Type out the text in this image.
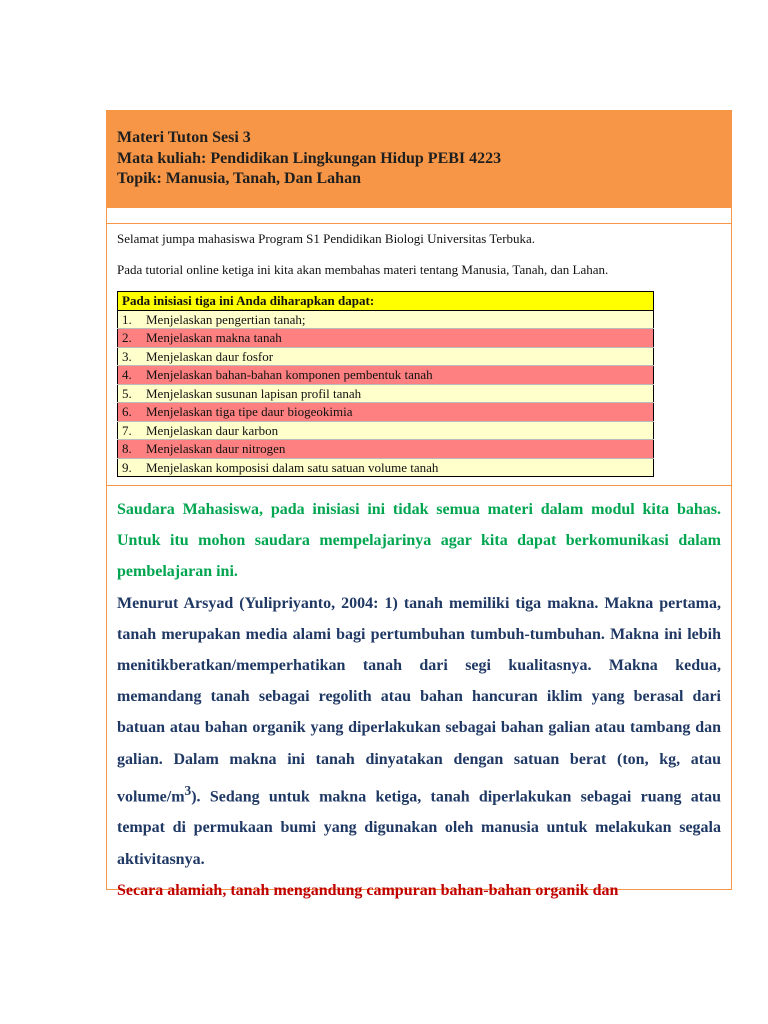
Materi Tuton Sesi 3
Mata kuliah: Pendidikan Lingkungan Hidup PEBI 4223
Topik: Manusia, Tanah, Dan Lahan

Selamat jumpa mahasiswa Program S1 Pendidikan Biologi Universitas Terbuka.

Pada tutorial online ketiga ini kita akan membahas materi tentang Manusia, Tanah, dan Lahan.

Pada inisiasi tiga ini Anda diharapkan dapat:
1. Menjelaskan pengertian tanah;
2. Menjelaskan makna tanah
3. Menjelaskan daur fosfor
4. Menjelaskan bahan-bahan komponen pembentuk tanah
5. Menjelaskan susunan lapisan profil tanah
6. Menjelaskan tiga tipe daur biogeokimia
7. Menjelaskan daur karbon
8. Menjelaskan daur nitrogen
9. Menjelaskan komposisi dalam satu satuan volume tanah

Saudara Mahasiswa, pada inisiasi ini tidak semua materi dalam modul kita bahas. Untuk itu mohon saudara mempelajarinya agar kita dapat berkomunikasi dalam pembelajaran ini.

Menurut Arsyad (Yulipriyanto, 2004: 1) tanah memiliki tiga makna. Makna pertama, tanah merupakan media alami bagi pertumbuhan tumbuh-tumbuhan. Makna ini lebih menitikberatkan/memperhatikan tanah dari segi kualitasnya. Makna kedua, memandang tanah sebagai regolith atau bahan hancuran iklim yang berasal dari batuan atau bahan organik yang diperlakukan sebagai bahan galian atau tambang dan galian. Dalam makna ini tanah dinyatakan dengan satuan berat (ton, kg, atau volume/$m^3$). Sedang untuk makna ketiga, tanah diperlakukan sebagai ruang atau tempat di permukaan bumi yang digunakan oleh manusia untuk melakukan segala aktivitasnya.

Secara alamiah, tanah mengandung campuran bahan-bahan organik dan
